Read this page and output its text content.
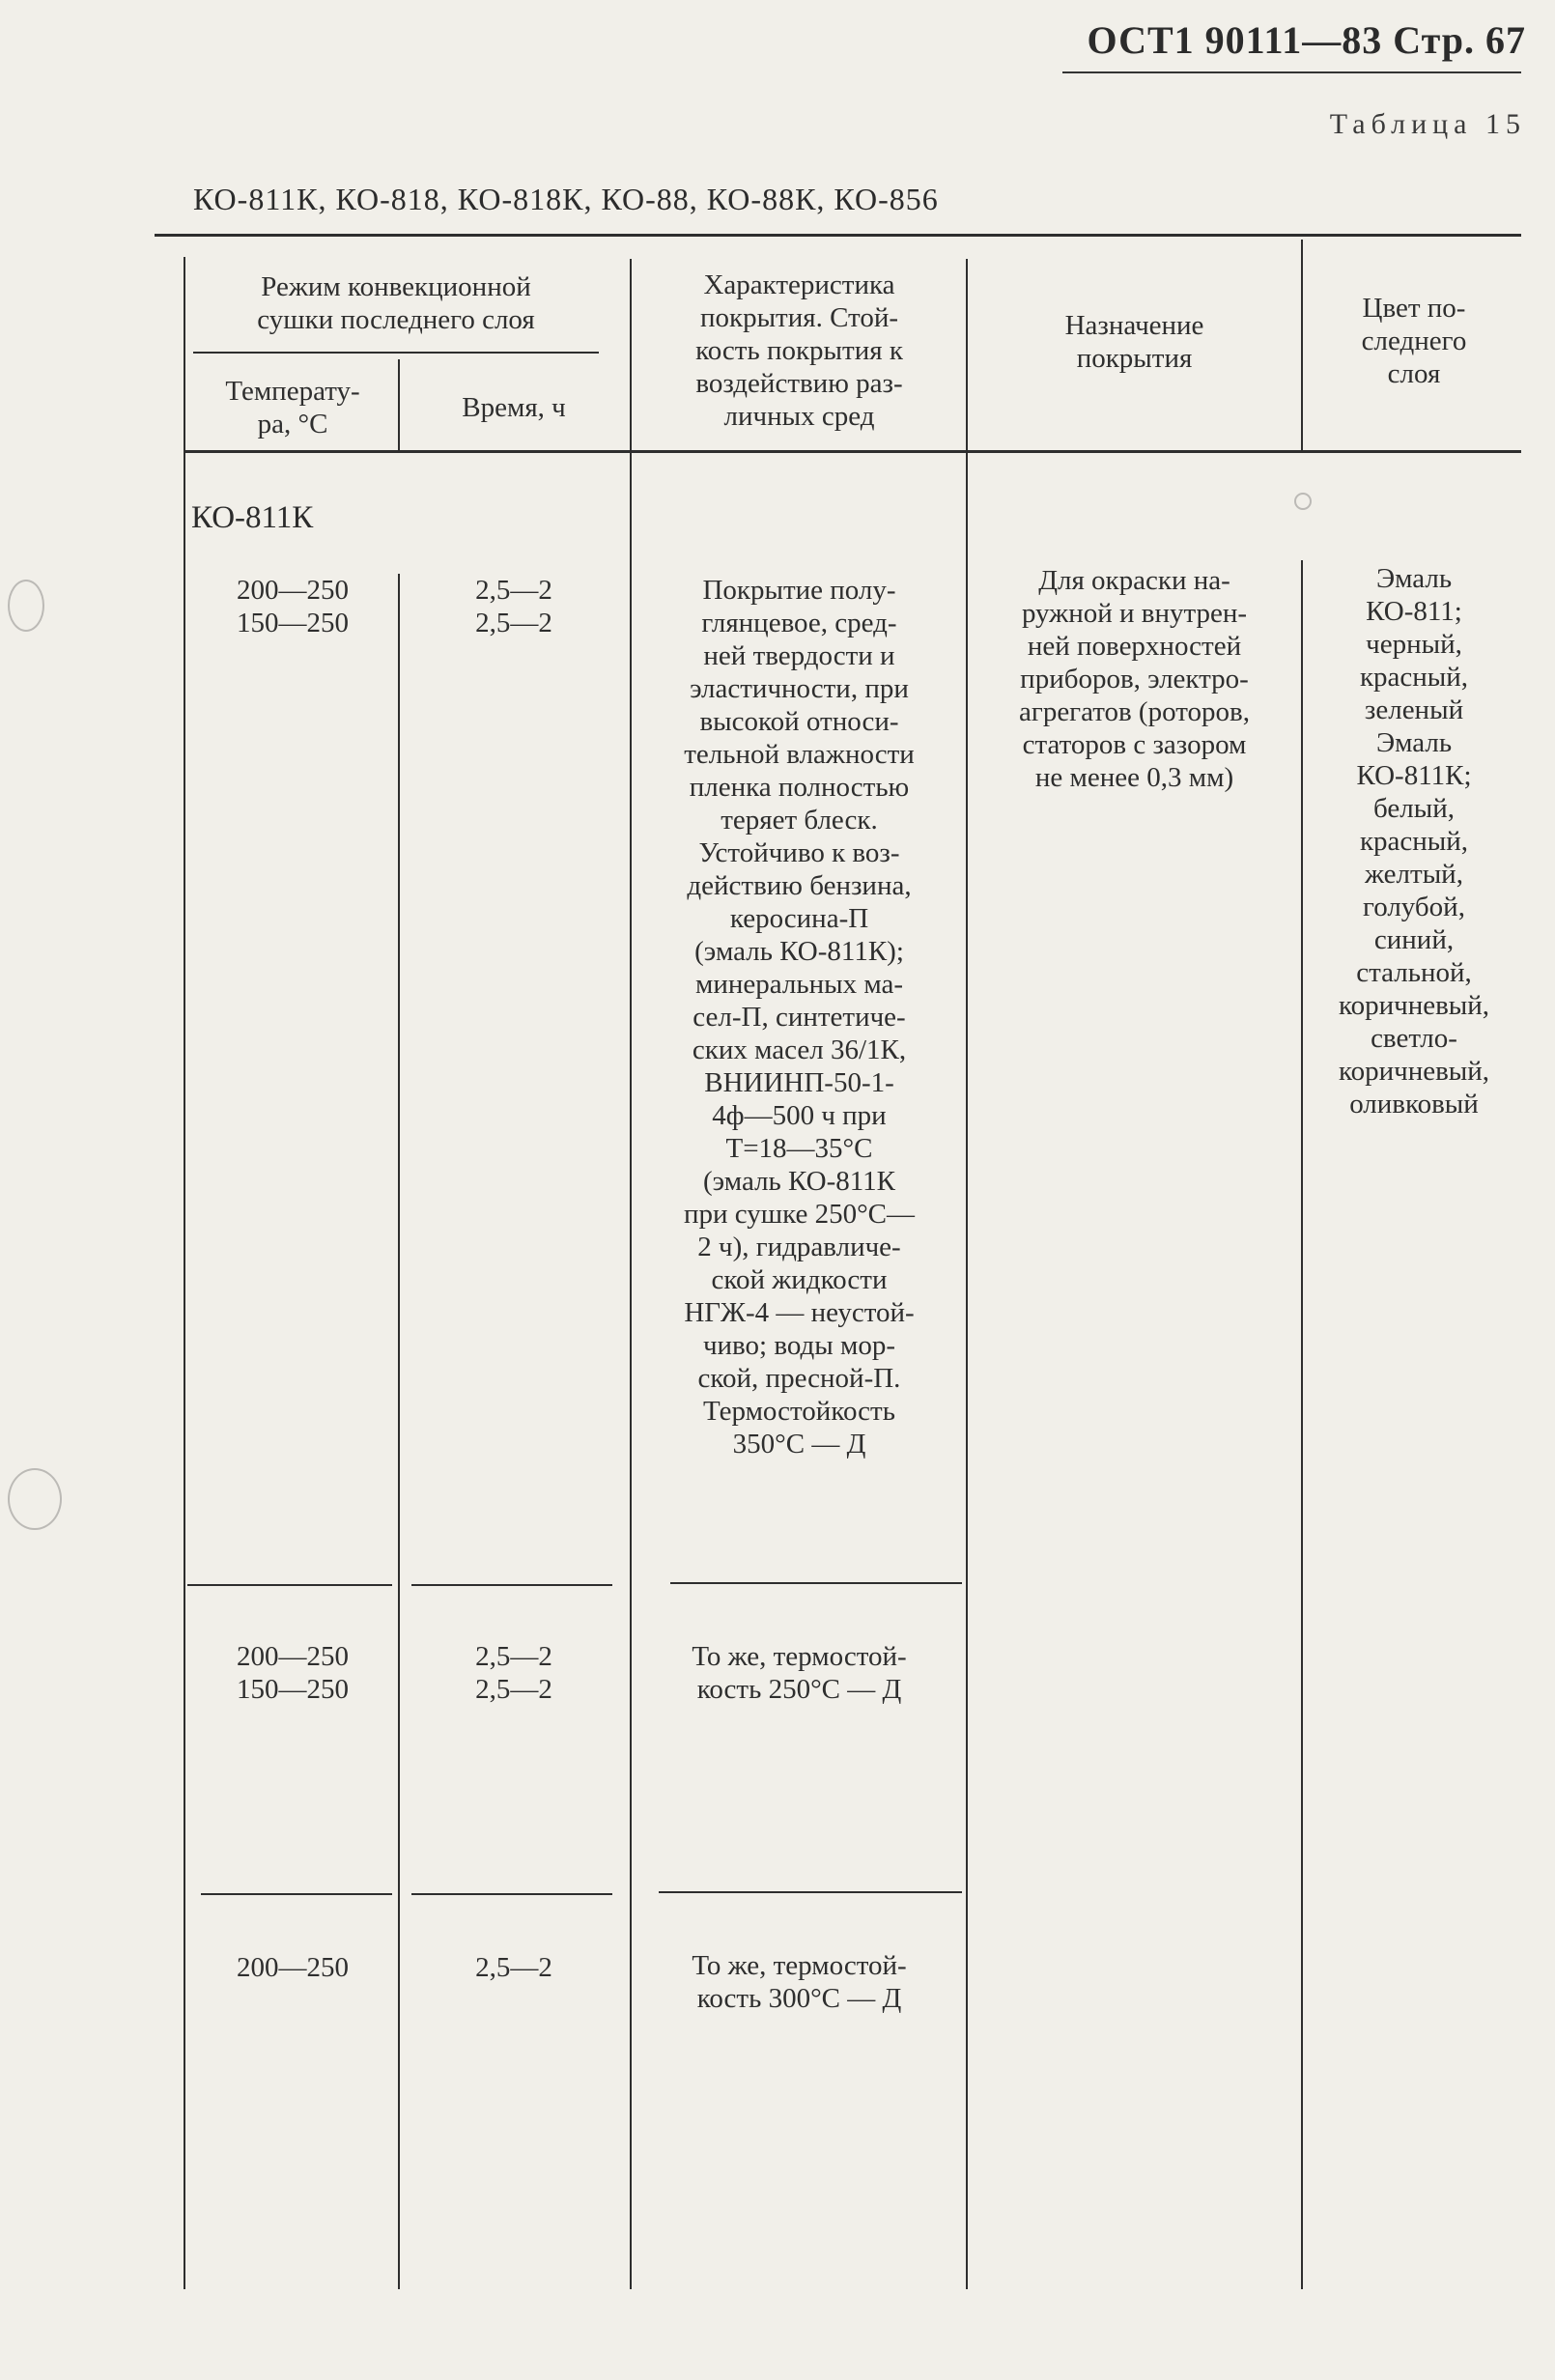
ОСТ1 90111—83 Стр. 67
Таблица 15
КО-811К, КО-818, КО-818К, КО-88, КО-88К, КО-856
Режим конвекционной
сушки последнего слоя
Температу-
ра, °С
Время, ч
Характеристика
покрытия. Стой-
кость покрытия к
воздействию раз-
личных сред
Назначение
покрытия
Цвет по-
следнего
слоя
КО-811К
200—250
150—250
2,5—2
2,5—2
Покрытие полу-
глянцевое, сред-
ней твердости и
эластичности, при
высокой относи-
тельной влажности
пленка полностью
теряет блеск.
Устойчиво к воз-
действию бензина,
керосина-П
(эмаль КО-811К);
минеральных ма-
сел-П, синтетиче-
ских масел 36/1К,
ВНИИНП-50-1-
4ф—500 ч при
Т=18—35°С
(эмаль КО-811К
при сушке 250°С—
2 ч), гидравличе-
ской жидкости
НГЖ-4 — неустой-
чиво; воды мор-
ской, пресной-П.
Термостойкость
350°С — Д
Для окраски на-
ружной и внутрен-
ней поверхностей
приборов, электро-
агрегатов (роторов,
статоров с зазором
не менее 0,3 мм)
Эмаль
КО-811;
черный,
красный,
зеленый
Эмаль
КО-811К;
белый,
красный,
желтый,
голубой,
синий,
стальной,
коричневый,
светло-
коричневый,
оливковый
200—250
150—250
2,5—2
2,5—2
То же, термостой-
кость 250°С — Д
200—250	2,5—2	То же, термостой-
кость 300°С — Д
